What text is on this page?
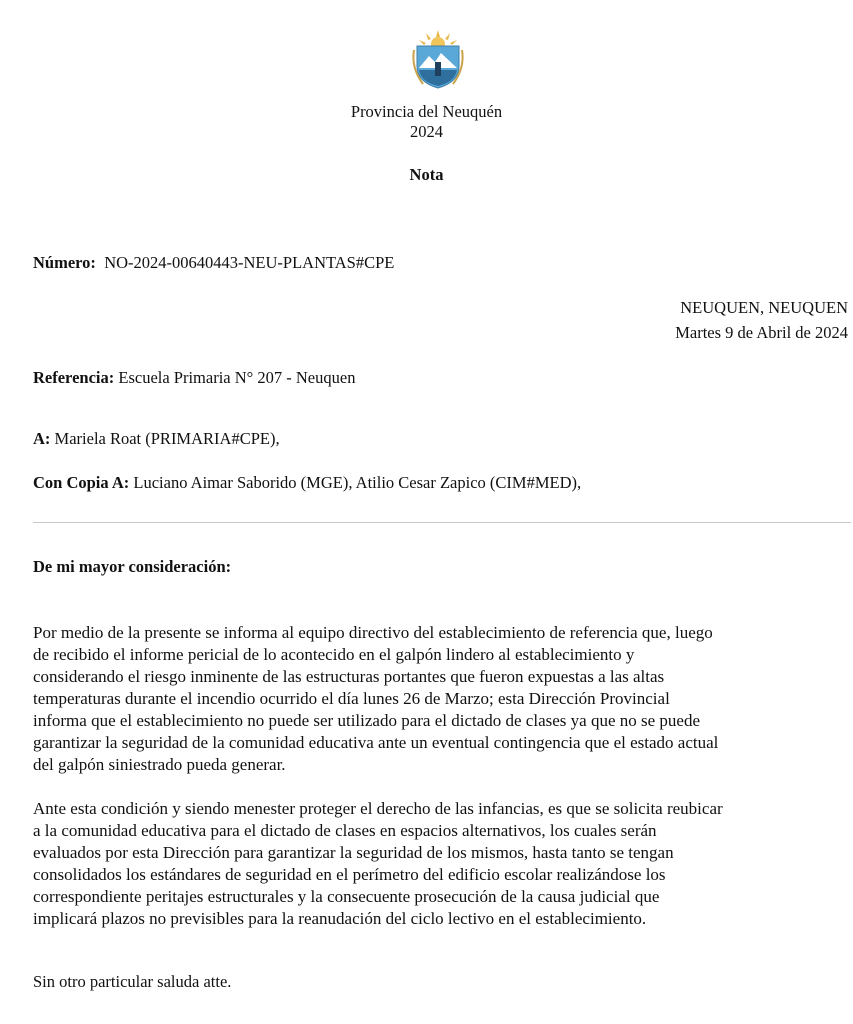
Provincia del Neuquén
2024
Nota
Número: NO-2024-00640443-NEU-PLANTAS#CPE
NEUQUEN, NEUQUEN
Martes 9 de Abril de 2024
Referencia: Escuela Primaria N° 207 - Neuquen
A: Mariela Roat (PRIMARIA#CPE),
Con Copia A: Luciano Aimar Saborido (MGE), Atilio Cesar Zapico (CIM#MED),
De mi mayor consideración:
Por medio de la presente se informa al equipo directivo del establecimiento de referencia que, luego
de recibido el informe pericial de lo acontecido en el galpón lindero al establecimiento y
considerando el riesgo inminente de las estructuras portantes que fueron expuestas a las altas
temperaturas durante el incendio ocurrido el día lunes 26 de Marzo; esta Dirección Provincial
informa que el establecimiento no puede ser utilizado para el dictado de clases ya que no se puede
garantizar la seguridad de la comunidad educativa ante un eventual contingencia que el estado actual
del galpón siniestrado pueda generar.
Ante esta condición y siendo menester proteger el derecho de las infancias, es que se solicita reubicar
a la comunidad educativa para el dictado de clases en espacios alternativos, los cuales serán
evaluados por esta Dirección para garantizar la seguridad de los mismos, hasta tanto se tengan
consolidados los estándares de seguridad en el perímetro del edificio escolar realizándose los
correspondiente peritajes estructurales y la consecuente prosecución de la causa judicial que
implicará plazos no previsibles para la reanudación del ciclo lectivo en el establecimiento.
Sin otro particular saluda atte.
